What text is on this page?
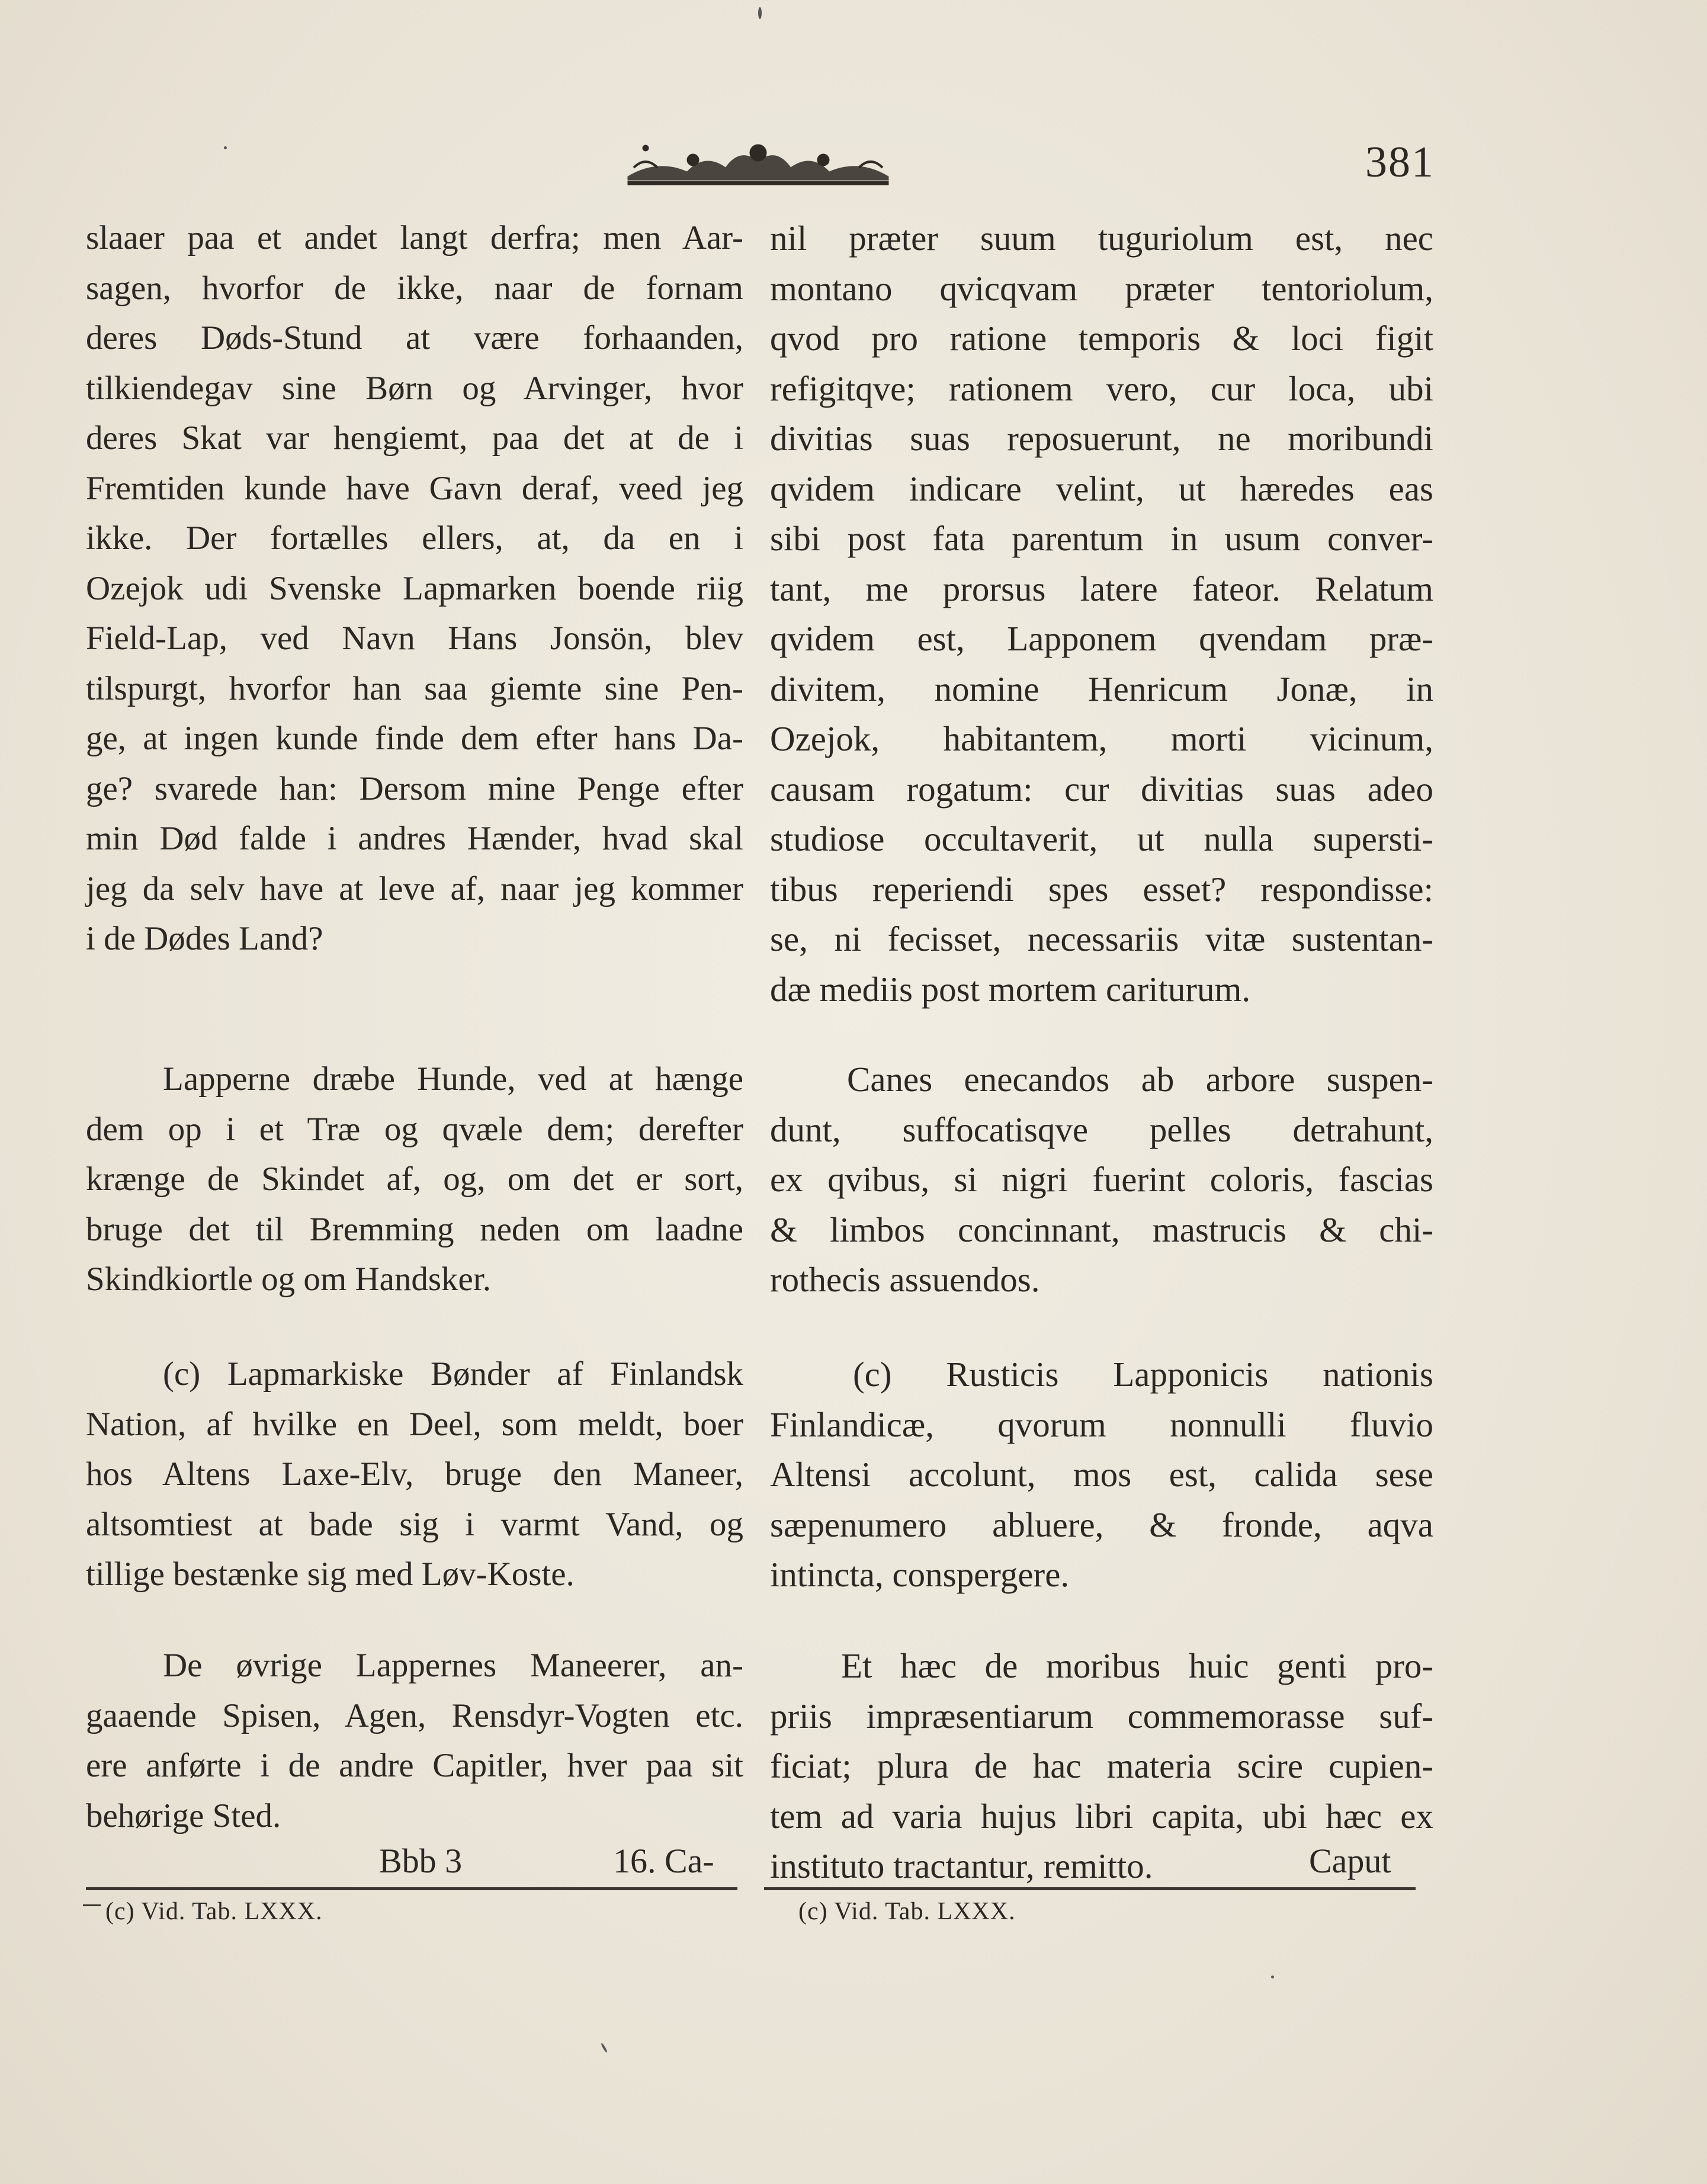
381
slaaer paa et andet langt derfra; men Aar-
sagen, hvorfor de ikke, naar de fornam
deres Døds-Stund at være forhaanden,
tilkiendegav sine Børn og Arvinger, hvor
deres Skat var hengiemt, paa det at de i
Fremtiden kunde have Gavn deraf, veed jeg
ikke. Der fortælles ellers, at, da en i
Ozejok udi Svenske Lapmarken boende riig
Field-Lap, ved Navn Hans Jonsön, blev
tilspurgt, hvorfor han saa giemte sine Pen-
ge, at ingen kunde finde dem efter hans Da-
ge? svarede han: Dersom mine Penge efter
min Død falde i andres Hænder, hvad skal
jeg da selv have at leve af, naar jeg kommer
i de Dødes Land?
Lapperne dræbe Hunde, ved at hænge
dem op i et Træ og qvæle dem; derefter
krænge de Skindet af, og, om det er sort,
bruge det til Bremming neden om laadne
Skindkiortle og om Handsker.
(c) Lapmarkiske Bønder af Finlandsk
Nation, af hvilke en Deel, som meldt, boer
hos Altens Laxe-Elv, bruge den Maneer,
altsomtiest at bade sig i varmt Vand, og
tillige bestænke sig med Løv-Koste.
De øvrige Lappernes Maneerer, an-
gaaende Spisen, Agen, Rensdyr-Vogten etc.
ere anførte i de andre Capitler, hver paa sit
behørige Sted.
Bbb 3	16. Ca-	Caput
(c) Vid. Tab. LXXX.	(c) Vid. Tab. LXXX.
nil præter suum tuguriolum est, nec
montano qvicqvam præter tentoriolum,
qvod pro ratione temporis & loci figit
refigitqve; rationem vero, cur loca, ubi
divitias suas reposuerunt, ne moribundi
qvidem indicare velint, ut hæredes eas
sibi post fata parentum in usum conver-
tant, me prorsus latere fateor. Relatum
qvidem est, Lapponem qvendam præ-
divitem, nomine Henricum Jonæ, in
Ozejok, habitantem, morti vicinum,
causam rogatum: cur divitias suas adeo
studiose occultaverit, ut nulla supersti-
tibus reperiendi spes esset? respondisse:
se, ni fecisset, necessariis vitæ sustentan-
dæ mediis post mortem cariturum.
Canes enecandos ab arbore suspen-
dunt, suffocatisqve pelles detrahunt,
ex qvibus, si nigri fuerint coloris, fascias
& limbos concinnant, mastrucis & chi-
rothecis assuendos.
(c) Rusticis Lapponicis nationis
Finlandicæ, qvorum nonnulli fluvio
Altensi accolunt, mos est, calida sese
sæpenumero abluere, & fronde, aqva
intincta, conspergere.
Et hæc de moribus huic genti pro-
priis impræsentiarum commemorasse suf-
ficiat; plura de hac materia scire cupien-
tem ad varia hujus libri capita, ubi hæc ex
instituto tractantur, remitto.
